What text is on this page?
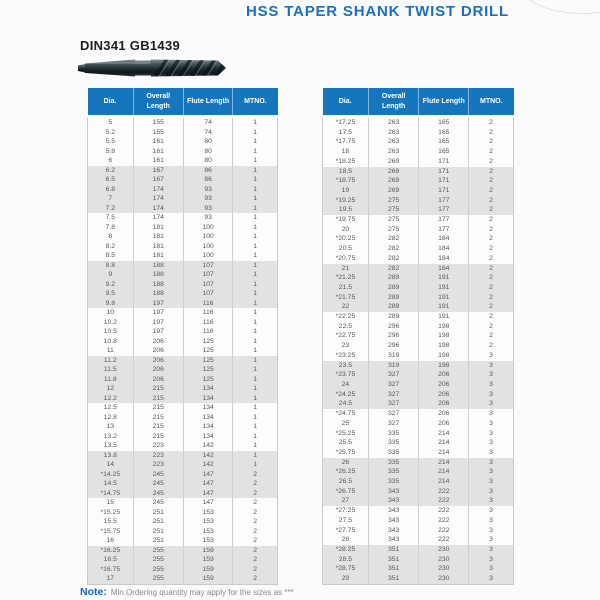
HSS TAPER SHANK TWIST DRILL
DIN341 GB1439
Dia.	Overall Length	Flute Length	MTNO.
5	155	74	1
5.2	155	74	1
5.5	161	80	1
5.8	161	80	1
6	161	80	1
6.2	167	86	1
6.5	167	86	1
6.8	174	93	1
7	174	93	1
7.2	174	93	1
7.5	174	93	1
7.8	181	100	1
8	181	100	1
8.2	181	100	1
8.5	181	100	1
8.8	188	107	1
9	188	107	1
9.2	188	107	1
9.5	188	107	1
9.8	197	116	1
10	197	116	1
10.2	197	116	1
10.5	197	116	1
10.8	206	125	1
11	206	125	1
11.2	206	125	1
11.5	206	125	1
11.8	206	125	1
12	215	134	1
12.2	215	134	1
12.5	215	134	1
12.8	215	134	1
13	215	134	1
13.2	215	134	1
13.5	223	142	1
13.8	223	142	1
14	223	142	1
*14.25	245	147	2
14.5	245	147	2
*14.75	245	147	2
15	245	147	2
*15.25	251	153	2
15.5	251	153	2
*15.75	251	153	2
16	251	153	2
*16.25	255	159	2
16.5	255	159	2
*16.75	255	159	2
17	255	159	2
Dia.	Overall Length	Flute Length	MTNO.
*17.25	263	165	2
17.5	263	165	2
*17.75	263	165	2
18	263	165	2
*18.25	269	171	2
18.5	269	171	2
*18.75	269	171	2
19	269	171	2
*19.25	275	177	2
19.5	275	177	2
*19.75	275	177	2
20	275	177	2
*20.25	282	184	2
20.5	282	184	2
*20.75	282	184	2
21	282	184	2
*21.25	289	191	2
21.5	289	191	2
*21.75	289	191	2
22	289	191	2
*22.25	289	191	2
22.5	296	198	2
*22.75	296	198	2
23	296	198	2
*23.25	319	198	3
23.5	319	198	3
*23.75	327	206	3
24	327	206	3
*24.25	327	206	3
24.5	327	206	3
*24.75	327	206	3
25	327	206	3
*25.25	335	214	3
25.5	335	214	3
*25.75	335	214	3
26	335	214	3
*26.25	335	214	3
26.5	335	214	3
*26.75	343	222	3
27	343	222	3
*27.25	343	222	3
27.5	343	222	3
*27.75	343	222	3
28	343	222	3
*28.25	351	230	3
28.5	351	230	3
*28.75	351	230	3
29	351	230	3
Note: Min.Ordering quantity may apply for the sizes as ***
